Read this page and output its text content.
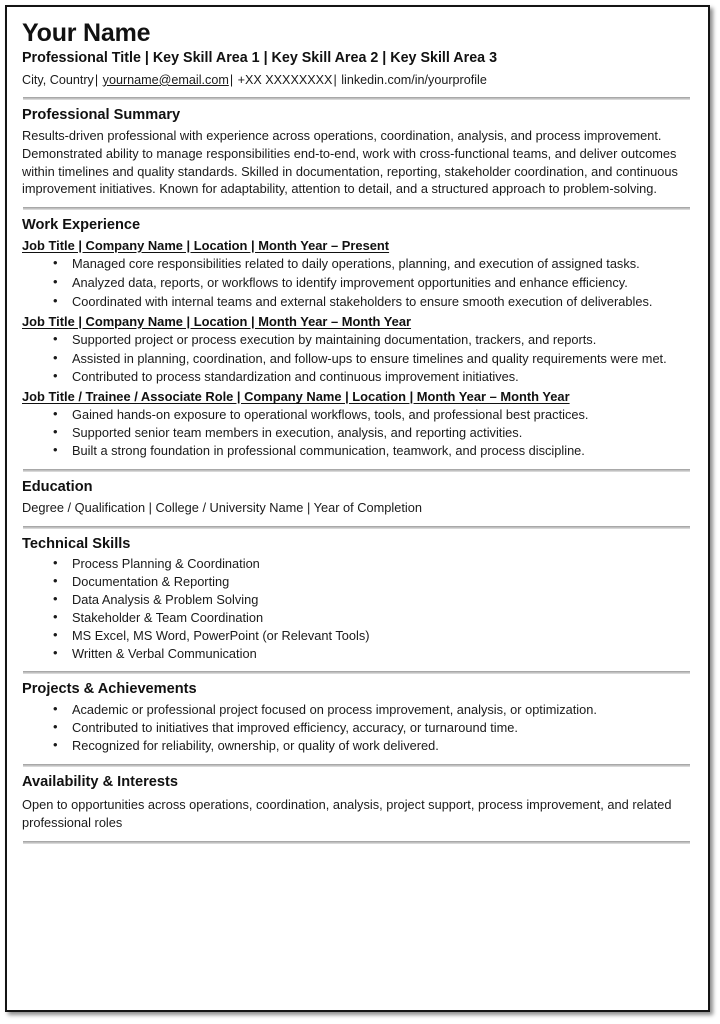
Your Name
Professional Title | Key Skill Area 1 | Key Skill Area 2 | Key Skill Area 3
City, Country| yourname@email.com| +XX XXXXXXXX| linkedin.com/in/yourprofile
Professional Summary

Results-driven professional with experience across operations, coordination, analysis, and process improvement. Demonstrated ability to manage responsibilities end-to-end, work with cross-functional teams, and deliver outcomes within timelines and quality standards. Skilled in documentation, reporting, stakeholder coordination, and continuous improvement initiatives. Known for adaptability, attention to detail, and a structured approach to problem-solving.

Work Experience
Job Title | Company Name | Location | Month Year – Present
• Managed core responsibilities related to daily operations, planning, and execution of assigned tasks.
• Analyzed data, reports, or workflows to identify improvement opportunities and enhance efficiency.
• Coordinated with internal teams and external stakeholders to ensure smooth execution of deliverables.
Job Title | Company Name | Location | Month Year – Month Year
• Supported project or process execution by maintaining documentation, trackers, and reports.
• Assisted in planning, coordination, and follow-ups to ensure timelines and quality requirements were met.
• Contributed to process standardization and continuous improvement initiatives.
Job Title / Trainee / Associate Role | Company Name | Location | Month Year – Month Year
• Gained hands-on exposure to operational workflows, tools, and professional best practices.
• Supported senior team members in execution, analysis, and reporting activities.
• Built a strong foundation in professional communication, teamwork, and process discipline.
Education

Degree / Qualification | College / University Name | Year of Completion

Technical Skills
• Process Planning & Coordination
• Documentation & Reporting
• Data Analysis & Problem Solving
• Stakeholder & Team Coordination
• MS Excel, MS Word, PowerPoint (or Relevant Tools)
• Written & Verbal Communication
Projects & Achievements
• Academic or professional project focused on process improvement, analysis, or optimization.
• Contributed to initiatives that improved efficiency, accuracy, or turnaround time.
• Recognized for reliability, ownership, or quality of work delivered.
Availability & Interests

Open to opportunities across operations, coordination, analysis, project support, process improvement, and related professional roles
